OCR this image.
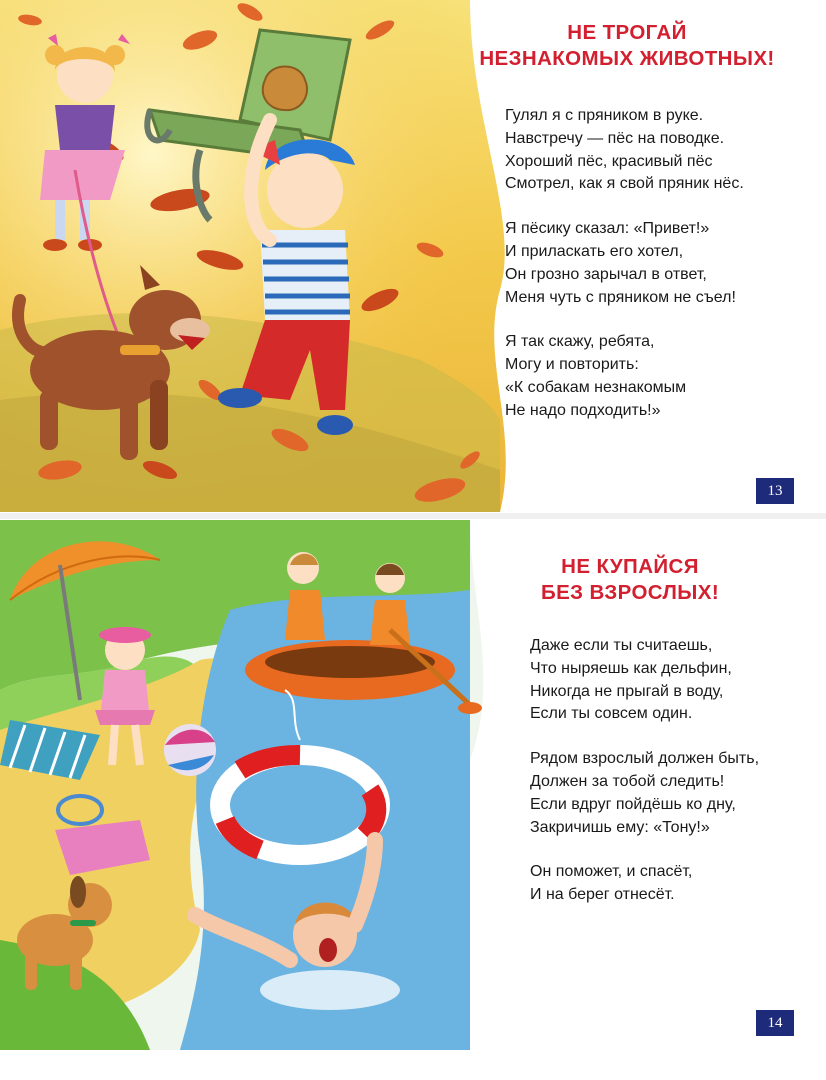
НЕ ТРОГАЙ
НЕЗНАКОМЫХ ЖИВОТНЫХ!
Гулял я с пряником в руке.
Навстречу — пёс на поводке.
Хороший пёс, красивый пёс
Смотрел, как я свой пряник нёс.
Я пёсику сказал: «Привет!»
И приласкать его хотел,
Он грозно зарычал в ответ,
Меня чуть с пряником не съел!
Я так скажу, ребята,
Могу и повторить:
«К собакам незнакомым
Не надо подходить!»
13
НЕ КУПАЙСЯ
БЕЗ ВЗРОСЛЫХ!
Даже если ты считаешь,
Что ныряешь как дельфин,
Никогда не прыгай в воду,
Если ты совсем один.
Рядом взрослый должен быть,
Должен за тобой следить!
Если вдруг пойдёшь ко дну,
Закричишь ему: «Тону!»
Он поможет, и спасёт,
И на берег отнесёт.
14
